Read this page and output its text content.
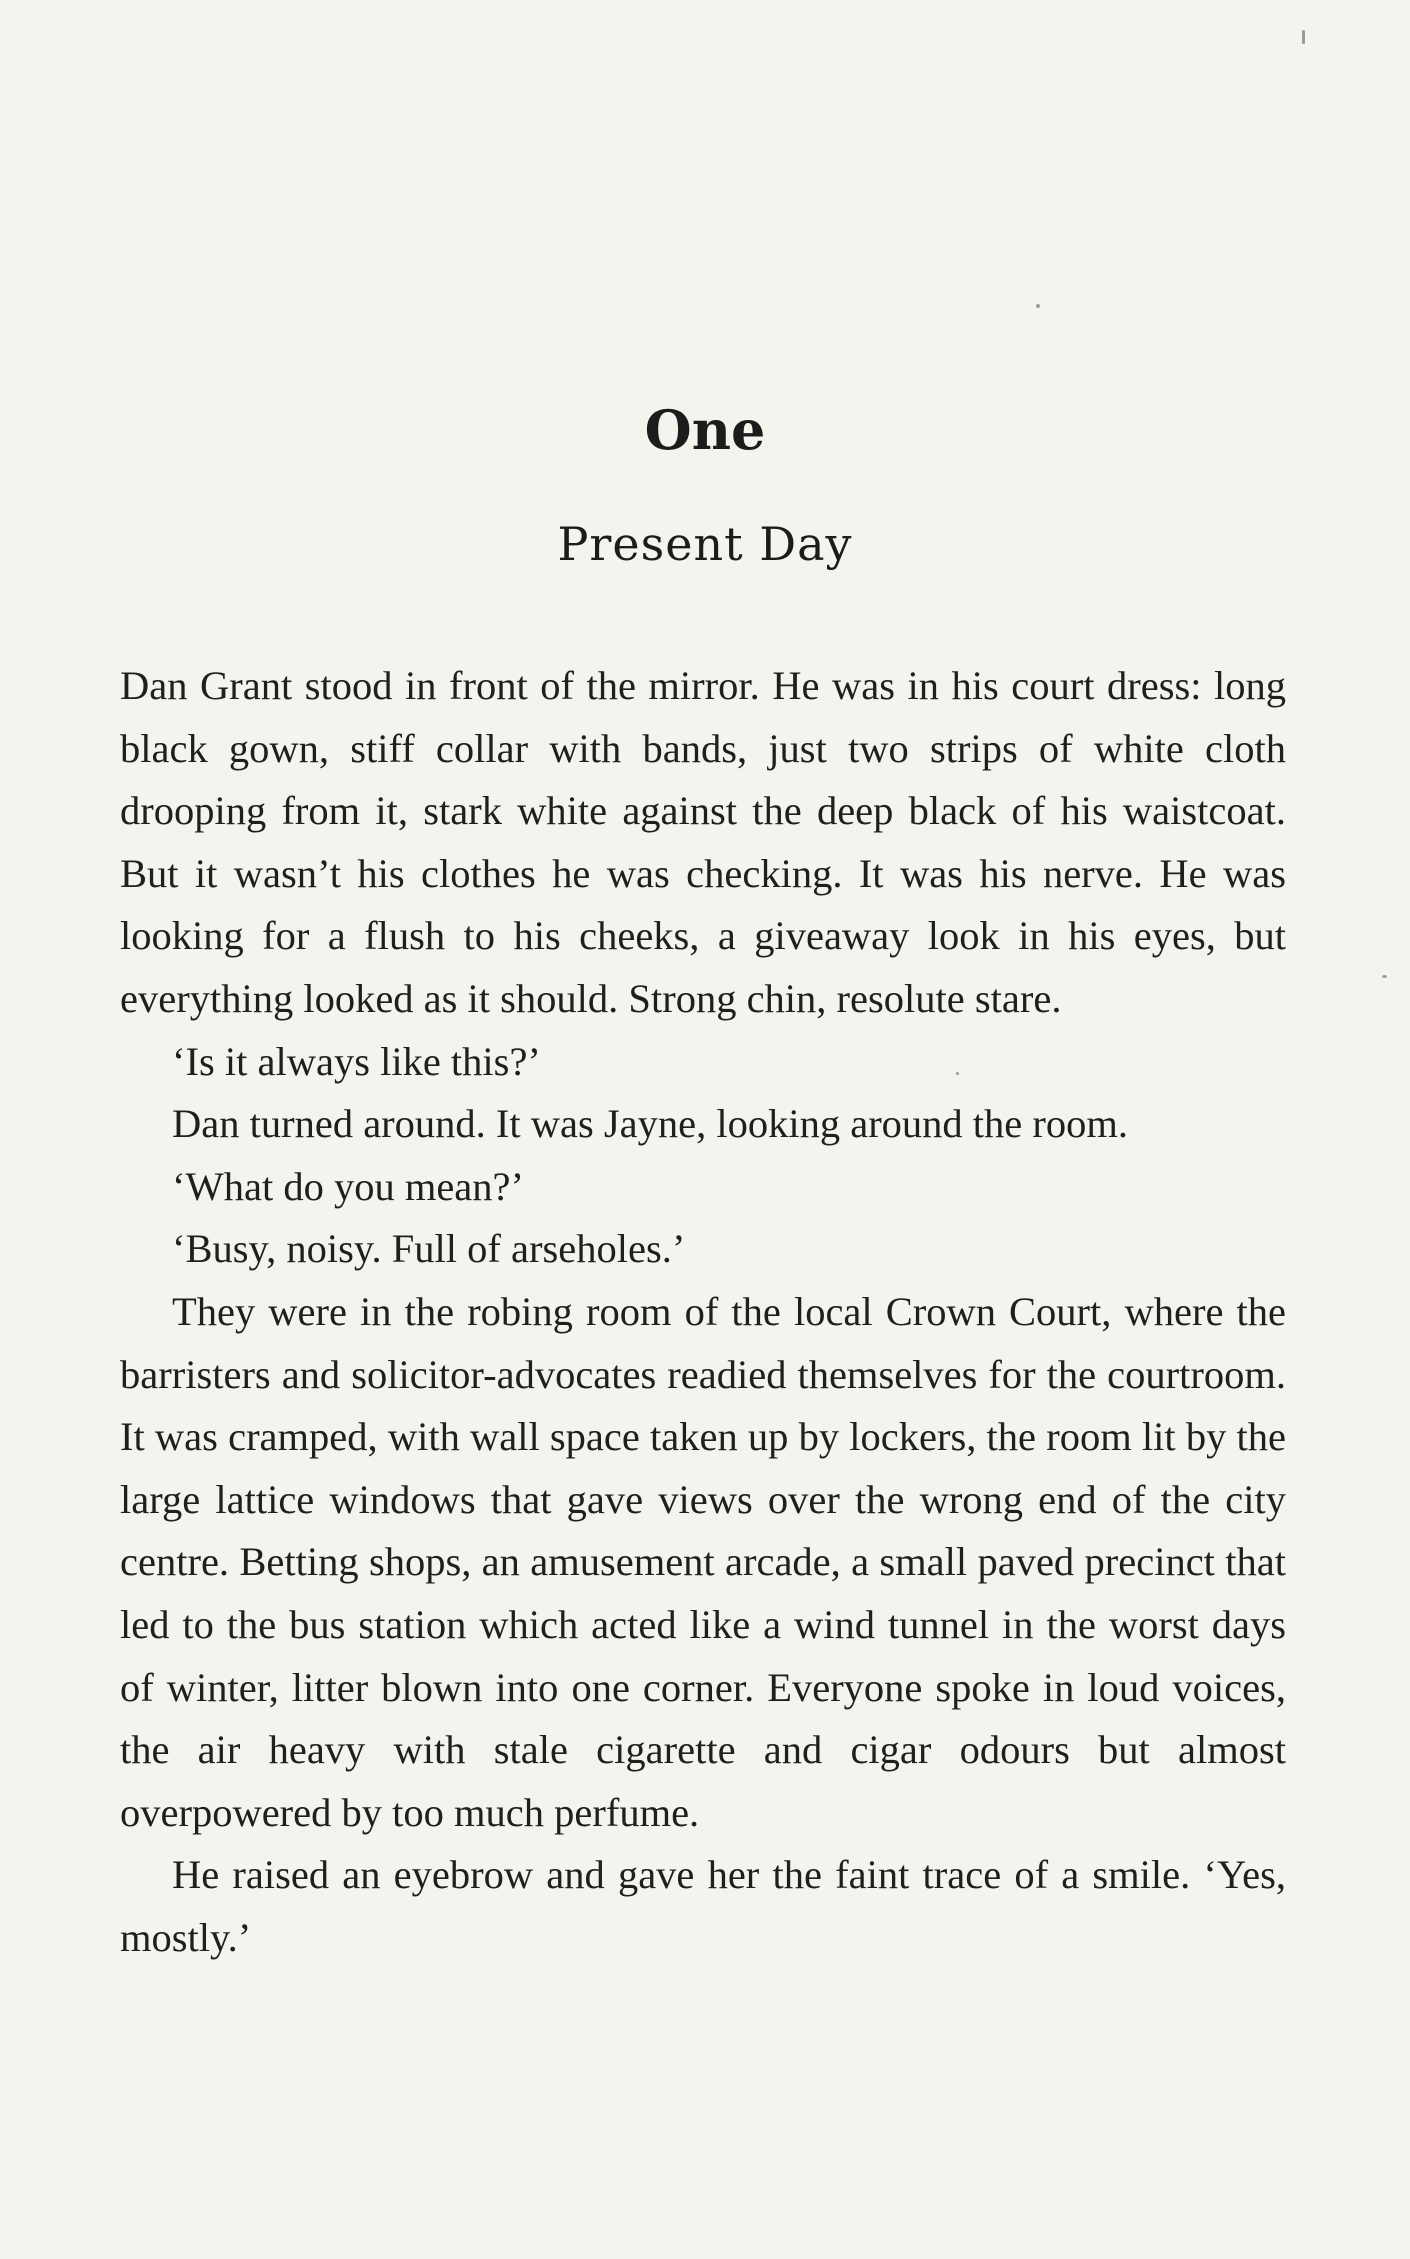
One
Present Day

Dan Grant stood in front of the mirror. He was in his court dress: long black gown, stiff collar with bands, just two strips of white cloth drooping from it, stark white against the deep black of his waistcoat. But it wasn’t his clothes he was checking. It was his nerve. He was looking for a flush to his cheeks, a giveaway look in his eyes, but everything looked as it should. Strong chin, resolute stare.

‘Is it always like this?’

Dan turned around. It was Jayne, looking around the room.

‘What do you mean?’

‘Busy, noisy. Full of arseholes.’

They were in the robing room of the local Crown Court, where the barristers and solicitor-advocates readied themselves for the courtroom. It was cramped, with wall space taken up by lockers, the room lit by the large lattice windows that gave views over the wrong end of the city centre. Betting shops, an amusement arcade, a small paved precinct that led to the bus station which acted like a wind tunnel in the worst days of winter, litter blown into one corner. Everyone spoke in loud voices, the air heavy with stale cigarette and cigar odours but almost overpowered by too much perfume.

He raised an eyebrow and gave her the faint trace of a smile. ‘Yes, mostly.’
